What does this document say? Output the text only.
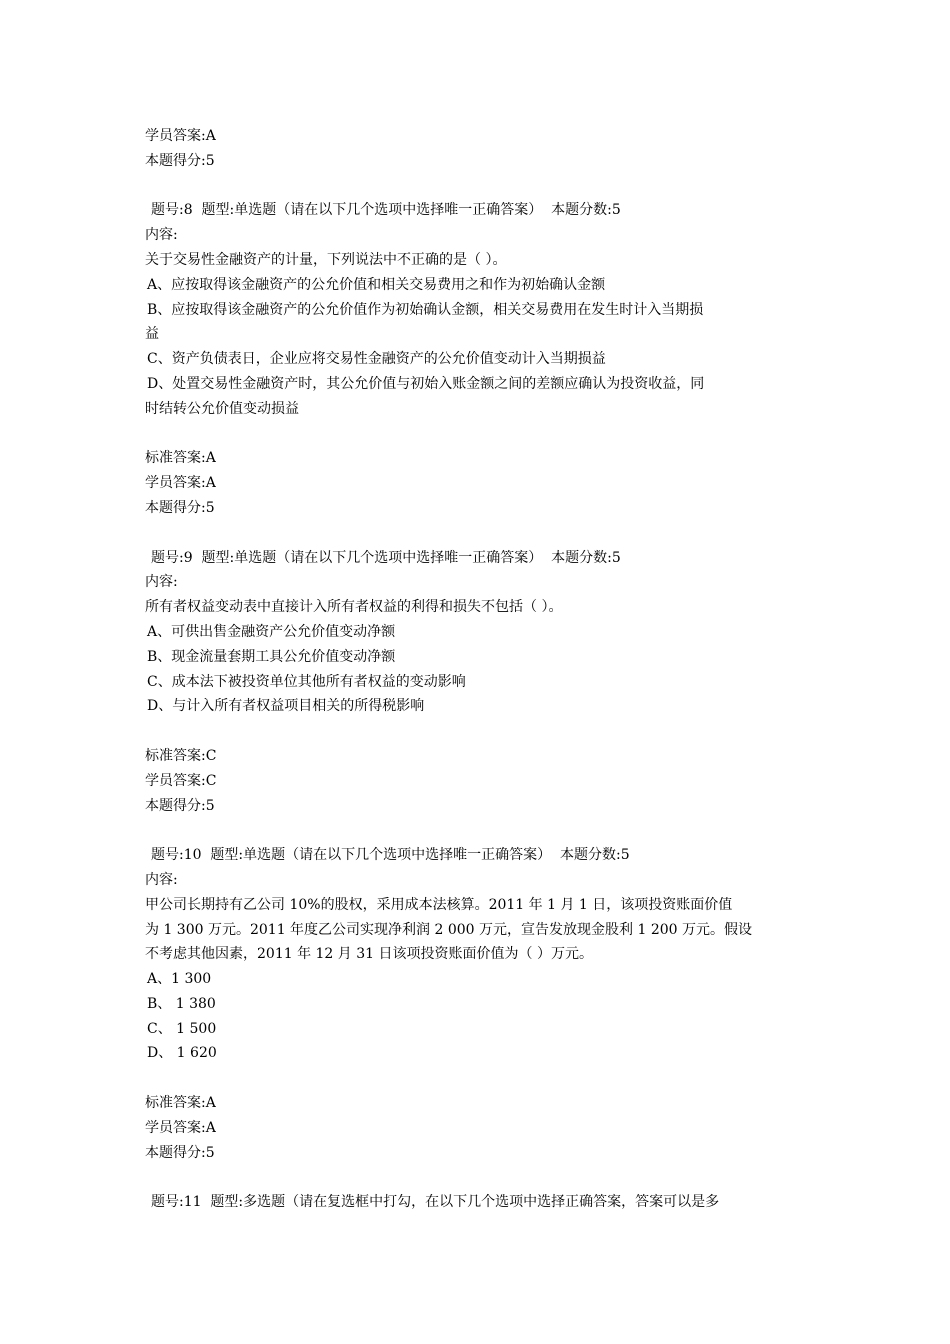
学员答案:A
本题得分:5
题号:8  题型:单选题（请在以下几个选项中选择唯一正确答案）  本题分数:5
内容:
关于交易性金融资产的计量，下列说法中不正确的是（ ）。
A、应按取得该金融资产的公允价值和相关交易费用之和作为初始确认金额
B、应按取得该金融资产的公允价值作为初始确认金额，相关交易费用在发生时计入当期损
益
C、资产负债表日，企业应将交易性金融资产的公允价值变动计入当期损益
D、处置交易性金融资产时，其公允价值与初始入账金额之间的差额应确认为投资收益，同
时结转公允价值变动损益
标准答案:A
学员答案:A
本题得分:5
题号:9  题型:单选题（请在以下几个选项中选择唯一正确答案）  本题分数:5
内容:
所有者权益变动表中直接计入所有者权益的利得和损失不包括（ ）。
A、可供出售金融资产公允价值变动净额
B、现金流量套期工具公允价值变动净额
C、成本法下被投资单位其他所有者权益的变动影响
D、与计入所有者权益项目相关的所得税影响
标准答案:C
学员答案:C
本题得分:5
题号:10  题型:单选题（请在以下几个选项中选择唯一正确答案）  本题分数:5
内容:
甲公司长期持有乙公司 10%的股权，采用成本法核算。2011 年 1 月 1 日，该项投资账面价值
为 1 300 万元。2011 年度乙公司实现净利润 2 000 万元，宣告发放现金股利 1 200 万元。假设
不考虑其他因素，2011 年 12 月 31 日该项投资账面价值为（ ）万元。
A、1 300
B、 1 380
C、 1 500
D、 1 620
标准答案:A
学员答案:A
本题得分:5
题号:11  题型:多选题（请在复选框中打勾，在以下几个选项中选择正确答案，答案可以是多
